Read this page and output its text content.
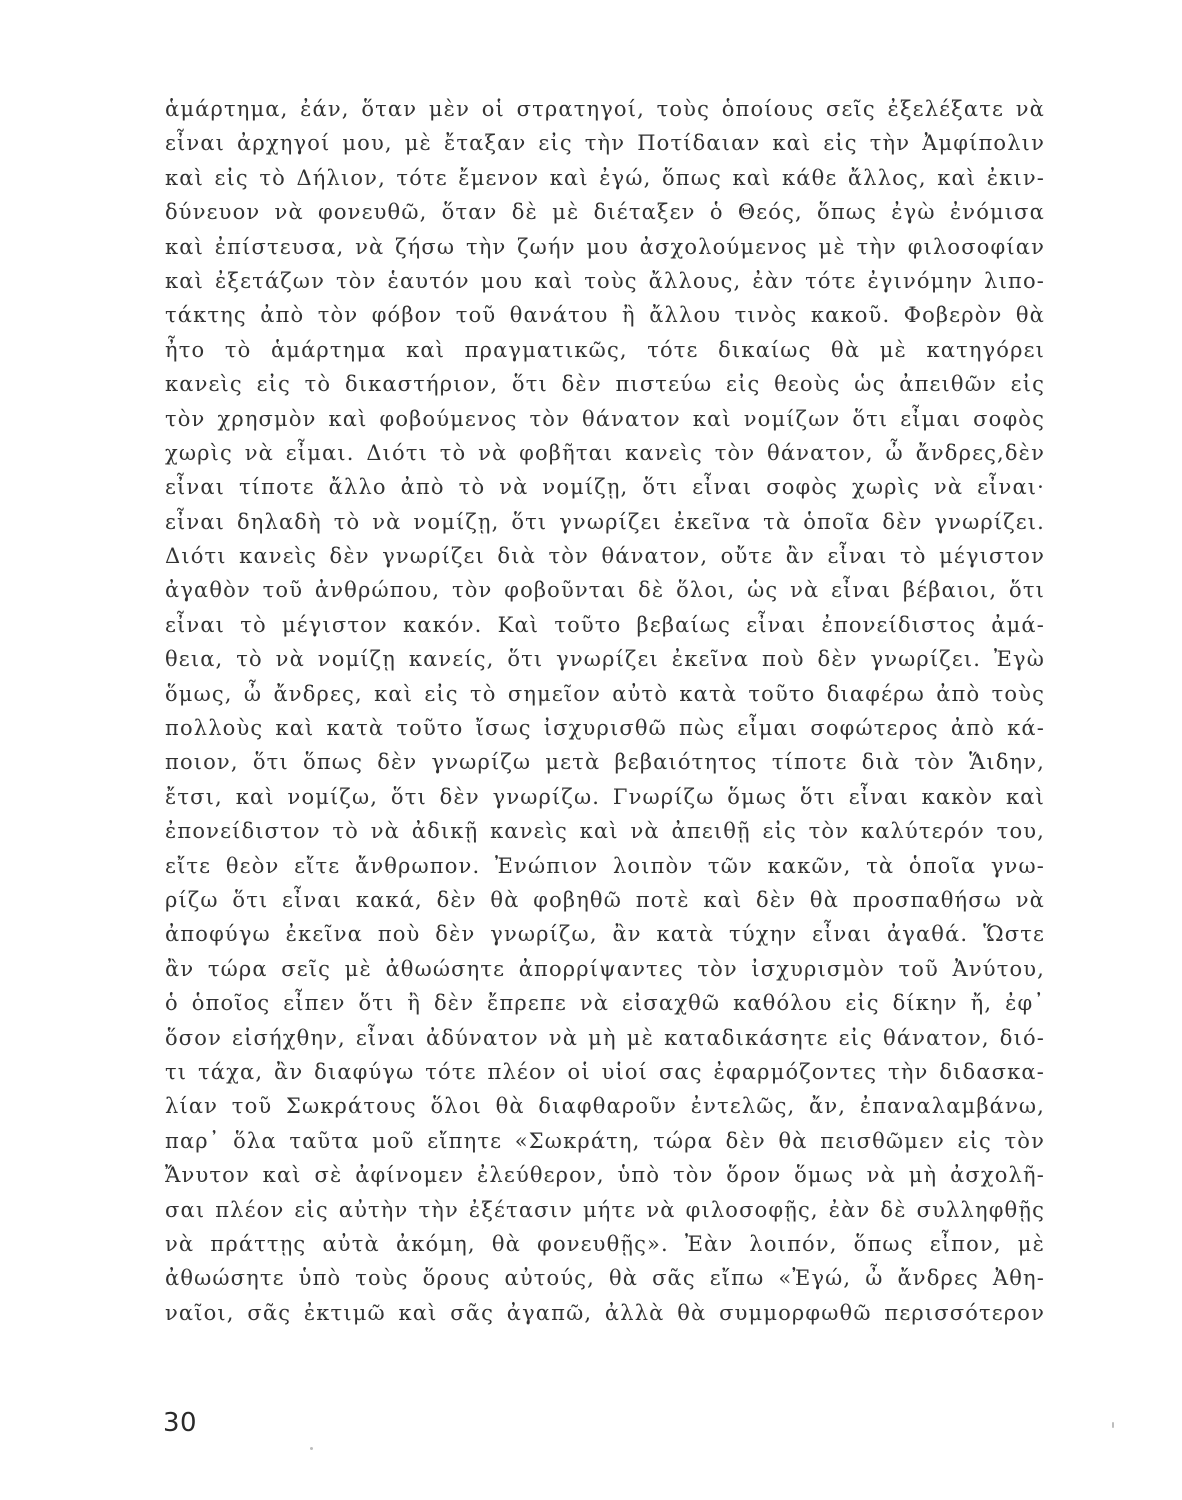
ἁμάρτημα, ἐάν, ὅταν μὲν οἱ στρατηγοί, τοὺς ὁποίους σεῖς ἐξελέξατε νὰ
εἶναι ἀρχηγοί μου, μὲ ἔταξαν εἰς τὴν Ποτίδαιαν καὶ εἰς τὴν Ἀμφίπολιν
καὶ εἰς τὸ Δήλιον, τότε ἔμενον καὶ ἐγώ, ὅπως καὶ κάθε ἄλλος, καὶ ἐκιν-
δύνευον νὰ φονευθῶ, ὅταν δὲ μὲ διέταξεν ὁ Θεός, ὅπως ἐγὼ ἐνόμισα
καὶ ἐπίστευσα, νὰ ζήσω τὴν ζωήν μου ἀσχολούμενος μὲ τὴν φιλοσοφίαν
καὶ ἐξετάζων τὸν ἑαυτόν μου καὶ τοὺς ἄλλους, ἐὰν τότε ἐγινόμην λιπο-
τάκτης ἀπὸ τὸν φόβον τοῦ θανάτου ἢ ἄλλου τινὸς κακοῦ. Φοβερὸν θὰ
ἦτο τὸ ἁμάρτημα καὶ πραγματικῶς, τότε δικαίως θὰ μὲ κατηγόρει
κανεὶς εἰς τὸ δικαστήριον, ὅτι δὲν πιστεύω εἰς θεοὺς ὡς ἀπειθῶν εἰς
τὸν χρησμὸν καὶ φοβούμενος τὸν θάνατον καὶ νομίζων ὅτι εἶμαι σοφὸς
χωρὶς νὰ εἶμαι. Διότι τὸ νὰ φοβῆται κανεὶς τὸν θάνατον, ὦ ἄνδρες,δὲν
εἶναι τίποτε ἄλλο ἀπὸ τὸ νὰ νομίζῃ, ὅτι εἶναι σοφὸς χωρὶς νὰ εἶναι·
εἶναι δηλαδὴ τὸ νὰ νομίζῃ, ὅτι γνωρίζει ἐκεῖνα τὰ ὁποῖα δὲν γνωρίζει.
Διότι κανεὶς δὲν γνωρίζει διὰ τὸν θάνατον, οὔτε ἂν εἶναι τὸ μέγιστον
ἀγαθὸν τοῦ ἀνθρώπου, τὸν φοβοῦνται δὲ ὅλοι, ὡς νὰ εἶναι βέβαιοι, ὅτι
εἶναι τὸ μέγιστον κακόν. Καὶ τοῦτο βεβαίως εἶναι ἐπονείδιστος ἀμά-
θεια, τὸ νὰ νομίζῃ κανείς, ὅτι γνωρίζει ἐκεῖνα ποὺ δὲν γνωρίζει. Ἐγὼ
ὅμως, ὦ ἄνδρες, καὶ εἰς τὸ σημεῖον αὐτὸ κατὰ τοῦτο διαφέρω ἀπὸ τοὺς
πολλοὺς καὶ κατὰ τοῦτο ἴσως ἰσχυρισθῶ πὼς εἶμαι σοφώτερος ἀπὸ κά-
ποιον, ὅτι ὅπως δὲν γνωρίζω μετὰ βεβαιότητος τίποτε διὰ τὸν Ἅιδην,
ἔτσι, καὶ νομίζω, ὅτι δὲν γνωρίζω. Γνωρίζω ὅμως ὅτι εἶναι κακὸν καὶ
ἐπονείδιστον τὸ νὰ ἀδικῇ κανεὶς καὶ νὰ ἀπειθῇ εἰς τὸν καλύτερόν του,
εἴτε θεὸν εἴτε ἄνθρωπον. Ἐνώπιον λοιπὸν τῶν κακῶν, τὰ ὁποῖα γνω-
ρίζω ὅτι εἶναι κακά, δὲν θὰ φοβηθῶ ποτὲ καὶ δὲν θὰ προσπαθήσω νὰ
ἀποφύγω ἐκεῖνα ποὺ δὲν γνωρίζω, ἂν κατὰ τύχην εἶναι ἀγαθά. Ὥστε
ἂν τώρα σεῖς μὲ ἀθωώσητε ἀπορρίψαντες τὸν ἰσχυρισμὸν τοῦ Ἀνύτου,
ὁ ὁποῖος εἶπεν ὅτι ἢ δὲν ἔπρεπε νὰ εἰσαχθῶ καθόλου εἰς δίκην ἤ, ἐφ᾽
ὅσον εἰσήχθην, εἶναι ἀδύνατον νὰ μὴ μὲ καταδικάσητε εἰς θάνατον, διό-
τι τάχα, ἂν διαφύγω τότε πλέον οἱ υἱοί σας ἐφαρμόζοντες τὴν διδασκα-
λίαν τοῦ Σωκράτους ὅλοι θὰ διαφθαροῦν ἐντελῶς, ἄν, ἐπαναλαμβάνω,
παρ᾽ ὅλα ταῦτα μοῦ εἴπητε «Σωκράτη, τώρα δὲν θὰ πεισθῶμεν εἰς τὸν
Ἄνυτον καὶ σὲ ἀφίνομεν ἐλεύθερον, ὑπὸ τὸν ὅρον ὅμως νὰ μὴ ἀσχολῆ-
σαι πλέον εἰς αὐτὴν τὴν ἐξέτασιν μήτε νὰ φιλοσοφῇς, ἐὰν δὲ συλληφθῇς
νὰ πράττῃς αὐτὰ ἀκόμη, θὰ φονευθῇς». Ἐὰν λοιπόν, ὅπως εἶπον, μὲ
ἀθωώσητε ὑπὸ τοὺς ὅρους αὐτούς, θὰ σᾶς εἴπω «Ἐγώ, ὦ ἄνδρες Ἀθη-
ναῖοι, σᾶς ἐκτιμῶ καὶ σᾶς ἀγαπῶ, ἀλλὰ θὰ συμμορφωθῶ περισσότερον
30
